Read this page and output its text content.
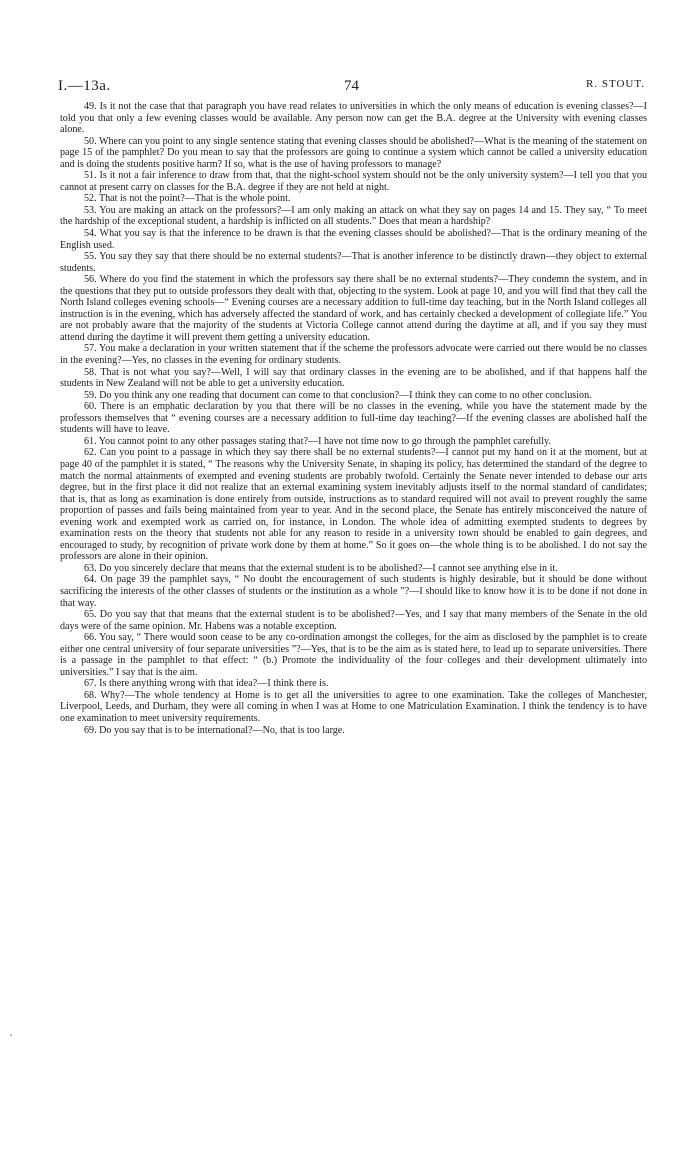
I.—13a.	74	R. STOUT.

49. Is it not the case that that paragraph you have read relates to universities in which the only means of education is evening classes?—I told you that only a few evening classes would be available. Any person now can get the B.A. degree at the University with evening classes alone.

50. Where can you point to any single sentence stating that evening classes should be abolished?—What is the meaning of the statement on page 15 of the pamphlet? Do you mean to say that the professors are going to continue a system which cannot be called a university education and is doing the students positive harm? If so, what is the use of having professors to manage?

51. Is it not a fair inference to draw from that, that the night-school system should not be the only university system?—I tell you that you cannot at present carry on classes for the B.A. degree if they are not held at night.

52. That is not the point?—That is the whole point.

53. You are making an attack on the professors?—I am only making an attack on what they say on pages 14 and 15. They say, “ To meet the hardship of the exceptional student, a hardship is inflicted on all students.” Does that mean a hardship?

54. What you say is that the inference to be drawn is that the evening classes should be abolished?—That is the ordinary meaning of the English used.

55. You say they say that there should be no external students?—That is another inference to be distinctly drawn—they object to external students.

56. Where do you find the statement in which the professors say there shall be no external students?—They condemn the system, and in the questions that they put to outside professors they dealt with that, objecting to the system. Look at page 10, and you will find that they call the North Island colleges evening schools—“ Evening courses are a necessary addition to full-time day teaching, but in the North Island colleges all instruction is in the evening, which has adversely affected the standard of work, and has certainly checked a development of collegiate life.” You are not probably aware that the majority of the students at Victoria College cannot attend during the daytime at all, and if you say they must attend during the daytime it will prevent them getting a university education.

57. You make a declaration in your written statement that if the scheme the professors advocate were carried out there would be no classes in the evening?—Yes, no classes in the evening for ordinary students.

58. That is not what you say?—Well, I will say that ordinary classes in the evening are to be abolished, and if that happens half the students in New Zealand will not be able to get a university education.

59. Do you think any one reading that document can come to that conclusion?—I think they can come to no other conclusion.

60. There is an emphatic declaration by you that there will be no classes in the evening, while you have the statement made by the professors themselves that “ evening courses are a necessary addition to full-time day teaching?—If the evening classes are abolished half the students will have to leave.

61. You cannot point to any other passages stating that?—I have not time now to go through the pamphlet carefully.

62. Can you point to a passage in which they say there shall be no external students?—I cannot put my hand on it at the moment, but at page 40 of the pamphlet it is stated, “ The reasons why the University Senate, in shaping its policy, has determined the standard of the degree to match the normal attainments of exempted and evening students are probably twofold. Certainly the Senate never intended to debase our arts degree, but in the first place it did not realize that an external examining system inevitably adjusts itself to the normal standard of candidates; that is, that as long as examination is done entirely from outside, instructions as to standard required will not avail to prevent roughly the same proportion of passes and fails being maintained from year to year. And in the second place, the Senate has entirely misconceived the nature of evening work and exempted work as carried on, for instance, in London. The whole idea of admitting exempted students to degrees by examination rests on the theory that students not able for any reason to reside in a university town should be enabled to gain degrees, and encouraged to study, by recognition of private work done by them at home.” So it goes on—the whole thing is to be abolished. I do not say the professors are alone in their opinion.

63. Do you sincerely declare that means that the external student is to be abolished?—I cannot see anything else in it.

64. On page 39 the pamphlet says, “ No doubt the encouragement of such students is highly desirable, but it should be done without sacrificing the interests of the other classes of students or the institution as a whole ”?—I should like to know how it is to be done if not done in that way.

65. Do you say that that means that the external student is to be abolished?—Yes, and I say that many members of the Senate in the old days were of the same opinion. Mr. Habens was a notable exception.

66. You say, “ There would soon cease to be any co-ordination amongst the colleges, for the aim as disclosed by the pamphlet is to create either one central university of four separate universities ”?—Yes, that is to be the aim as is stated here, to lead up to separate universities. There is a passage in the pamphlet to that effect: “ (b.) Promote the individuality of the four colleges and their development ultimately into universities.” I say that is the aim.

67. Is there anything wrong with that idea?—I think there is.

68. Why?—The whole tendency at Home is to get all the universities to agree to one examination. Take the colleges of Manchester, Liverpool, Leeds, and Durham, they were all coming in when I was at Home to one Matriculation Examination. I think the tendency is to have one examination to meet university requirements.

69. Do you say that is to be international?—No, that is too large.

'
